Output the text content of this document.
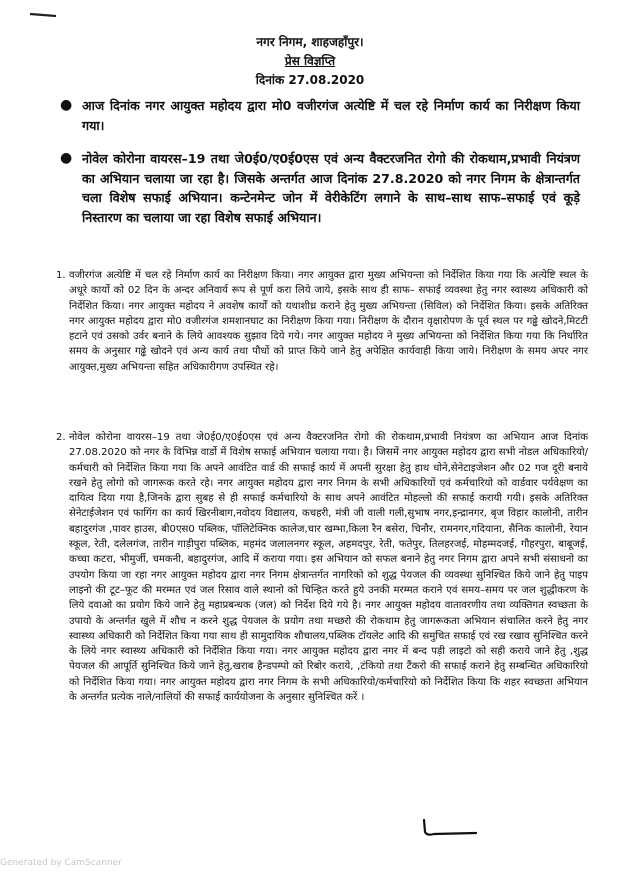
नगर निगम, शाहजहाँपुर।
प्रेस विज्ञप्ति
दिनांक 27.08.2020
● आज दिनांक नगर आयुक्त महोदय द्वारा मो0 वजीरगंज अत्येष्टि में चल रहे निर्माण कार्य का निरीक्षण किया गया।
● नोवेल कोरोना वायरस–19 तथा जे0ई0/ए0ई0एस एवं अन्य वैक्टरजनित रोगो की रोकथाम,प्रभावी नियंत्रण का अभियान चलाया जा रहा है। जिसके अन्तर्गत आज दिनांक 27.8.2020 को नगर निगम के क्षेत्रान्तर्गत चला विशेष सफाई अभियान। कन्टेनमेन्ट जोन में वेरीकेटिंग लगाने के साथ–साथ साफ–सफाई एवं कूड़े निस्तारण का चलाया जा रहा विशेष सफाई अभियान।
1. वजीरगंज अत्येष्टि में चल रहे निर्माण कार्य का निरीक्षण किया। नगर आयुक्त द्वारा मुख्य अभियन्ता को निर्देशित किया गया कि अत्येष्टि स्थल के अधूरे कार्यो को 02 दिन के अन्दर अनिवार्य रूप से पूर्ण करा लिये जाये, इसके साथ ही साफ– सफाई व्यवस्था हेतु नगर स्वास्थ्य अधिकारी को निर्देशित किया। नगर आयुक्त महोदय ने अवशेष कार्यों को यथाशीध्र कराने हेतु मुख्य अभियन्ता (सिविल) को निर्देशित किया। इसके अतिरिक्त नगर आयुक्त महोदय द्वारा मो0 वजीरगंज शमशानघाट का निरीक्षण किया गया। निरीक्षण के दौरान वृक्षारोपण के पूर्व स्थल पर गढ्ढे खोदने,मिटटी हटाने एवं उसको उर्वर बनाने के लिये आवश्यक सुझाव दिये गये। नगर आयुक्त महोदय ने मुख्य अभियन्ता को निर्देशित किया गया कि निर्धारित समय के अनुसार गढ्ढे खोदने एवं अन्य कार्य तथा पौधों को प्राप्त किये जाने हेतु अपेक्षित कार्यवाही किया जाये। निरीक्षण के समय अपर नगर आयुक्त,मुख्य अभियन्ता सहित अधिकारीगण उपस्थित रहे।
2. नोवेल कोरोना वायरस–19 तथा जे0ई0/ए0ई0एस एवं अन्य वैक्टरजनित रोगो की रोकथाम,प्रभावी नियंत्रण का अभियान आज दिनांक 27.08.2020 को नगर के विभिन्न वार्डो में विशेष सफाई अभियान चलाया गया। है। जिसमें नगर आयुक्त महोदय द्वारा सभी नोडल अधिकारियो/कर्मचारी को निर्देशित किया गया कि अपने आवंटित वार्ड की सफाई कार्य में अपनी सुरक्षा हेतु हाथ धोने,सेनेटाइजेशन और 02 गज दूरी बनाये रखने हेतु लोगो को जागरूक करते रहे। नगर आयुक्त महोदय द्वारा नगर निगम के सभी अधिकारियों एवं कर्मचारियो को वार्डवार पर्यवेक्षण का दायित्व दिया गया है,जिनके द्वारा सुबह से ही सफाई कर्मचारियो के साथ अपने आवंटित मोहल्लो की सफाई करायी गयी। इसके अतिरिक्त सेनेटाईजेशन एवं फागिंग का कार्य खिरनीबाग,नवोदय विद्यालय, कचहरी, मंत्री जी वाली गली,सुभाष नगर,इन्द्रानगर, बृज विहार कालोनी, तारीन बहादुरगंज ,पावर हाउस, बी0एस0 पब्लिक, पॉलिटेक्निक कालेज,चार खम्भा,किला रैन बसेरा, चिनौर, रामनगर,गदियाना, सैनिक कालोनी, रेयान स्कूल, रेती, दलेलगंज, तारीन गाड़ीपुरा पब्लिक, महमंद जलालनगर स्कूल, अहमदपुर, रेती, फतेपुर, तिलहरजई, मोहम्मदजई, गौहरपुरा, बाबूजई, कच्चा कटरा, भीमुर्जी, चमकनी, बहादुरगंज, आदि में कराया गया। इस अभियान को सफल बनाने हेतु नगर निगम द्वारा अपने सभी संसाधनो का उपयोग किया जा रहा नगर आयुक्त महोदय द्वारा नगर निगम क्षेत्रान्तर्गत नागरिको को शुद्ध पेयजल की व्यवस्था सुनिश्चित किये जाने हेतु पाइप लाइनो की टूट–फूट की मरम्मत एवं जल रिसाव वाले स्थानो को चिन्हित करते हुये उनकी मरम्मत कराने एवं समय–समय पर जल शुद्धीकरण के लिये दवाओ का प्रयोग किये जाने हेतु महाप्रबन्धक (जल) को निर्देश दिये गये है। नगर आयुक्त महोदय वातावरणीय तथा व्यक्तिगत स्वच्छता के उपायो के अन्तर्गत खुले में शौच न करने शुद्ध पेयजल के प्रयोग तथा मच्छरो की रोकथाम हेतु जागरूकता अभियान संचालित करने हेतु नगर स्वास्थ्य अधिकारी को निर्देशित किया गया साथ ही सामुदायिक शौचालय,पब्लिक टॉयलेट आदि की समुचित सफाई एवं रख रखाव सुनिश्चित करने के लिये नगर स्वास्थ्य अधिकारी को निर्देशित किया गया। नगर आयुक्त महोदय द्वारा नगर में बन्द पड़ी लाइटो को सही कराये जाने हेतु ,शुद्ध पेयजल की आपूर्ति सुनिश्चित किये जाने हेतु,खराब हैन्डपम्पो को रिबोर कराये, ,टंकियो तथा टैंकरो की सफाई कराने हेतु सम्बन्धित अधिकारियो को निर्देशित किया गया। नगर आयुक्त महोदय द्वारा नगर निगम के सभी अधिकारियो/कर्मचारियो को निर्देशित किया कि शहर स्वच्छता अभियान के अन्तर्गत प्रत्येक नाले/नालियों की सफाई कार्ययोजना के अनुसार सुनिश्चित करें ।
Generated by CamScanner
